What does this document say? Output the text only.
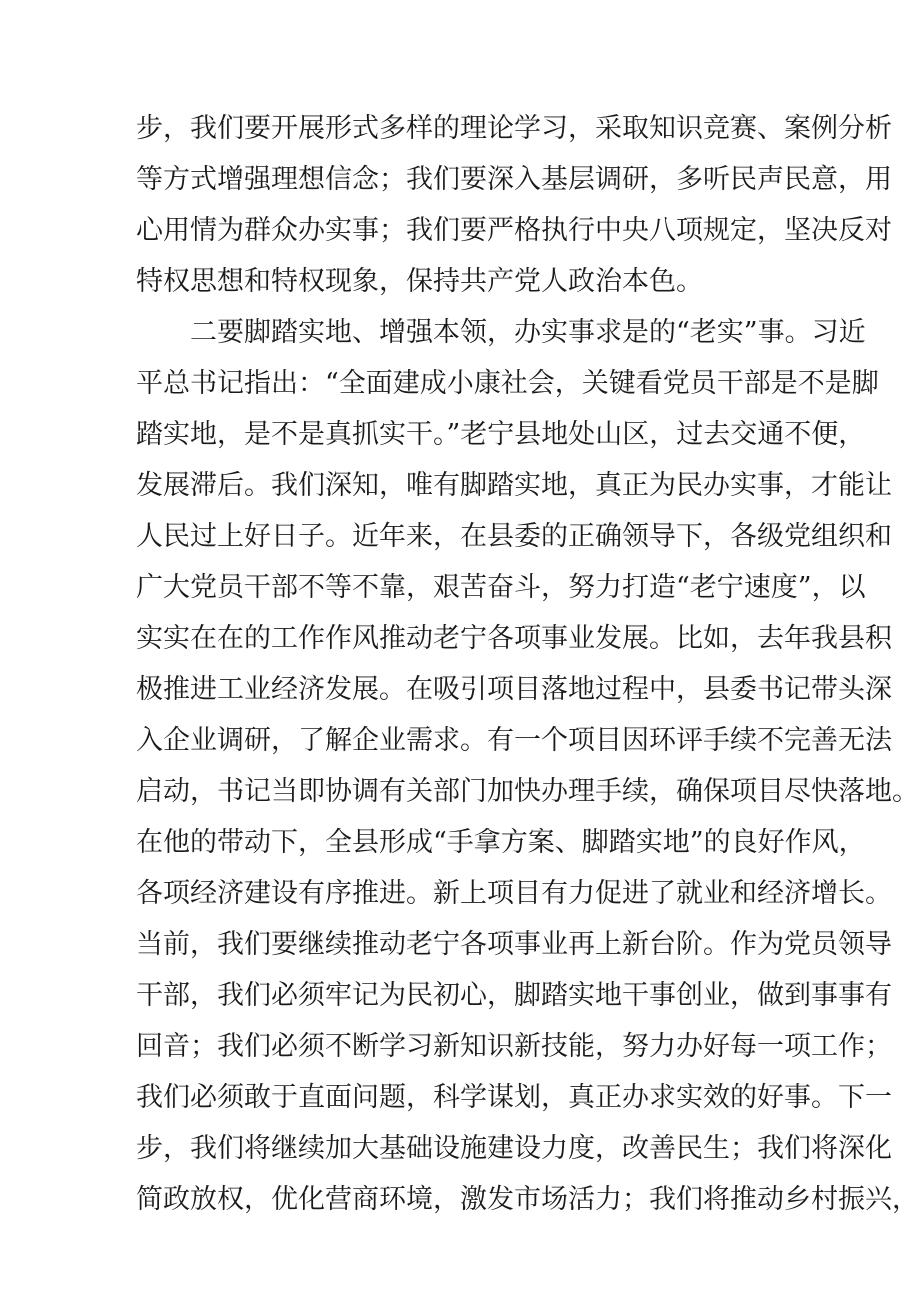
步，我们要开展形式多样的理论学习，采取知识竞赛、案例分析
等方式增强理想信念；我们要深入基层调研，多听民声民意，用
心用情为群众办实事；我们要严格执行中央八项规定，坚决反对
特权思想和特权现象，保持共产党人政治本色。
二要脚踏实地、增强本领，办实事求是的“老实”事。习近
平总书记指出：“全面建成小康社会，关键看党员干部是不是脚
踏实地，是不是真抓实干。”老宁县地处山区，过去交通不便，
发展滞后。我们深知，唯有脚踏实地，真正为民办实事，才能让
人民过上好日子。近年来，在县委的正确领导下，各级党组织和
广大党员干部不等不靠，艰苦奋斗，努力打造“老宁速度”，以
实实在在的工作作风推动老宁各项事业发展。比如，去年我县积
极推进工业经济发展。在吸引项目落地过程中，县委书记带头深
入企业调研，了解企业需求。有一个项目因环评手续不完善无法
启动，书记当即协调有关部门加快办理手续，确保项目尽快落地。
在他的带动下，全县形成“手拿方案、脚踏实地”的良好作风，
各项经济建设有序推进。新上项目有力促进了就业和经济增长。
当前，我们要继续推动老宁各项事业再上新台阶。作为党员领导
干部，我们必须牢记为民初心，脚踏实地干事创业，做到事事有
回音；我们必须不断学习新知识新技能，努力办好每一项工作；
我们必须敢于直面问题，科学谋划，真正办求实效的好事。下一
步，我们将继续加大基础设施建设力度，改善民生；我们将深化
简政放权，优化营商环境，激发市场活力；我们将推动乡村振兴，
